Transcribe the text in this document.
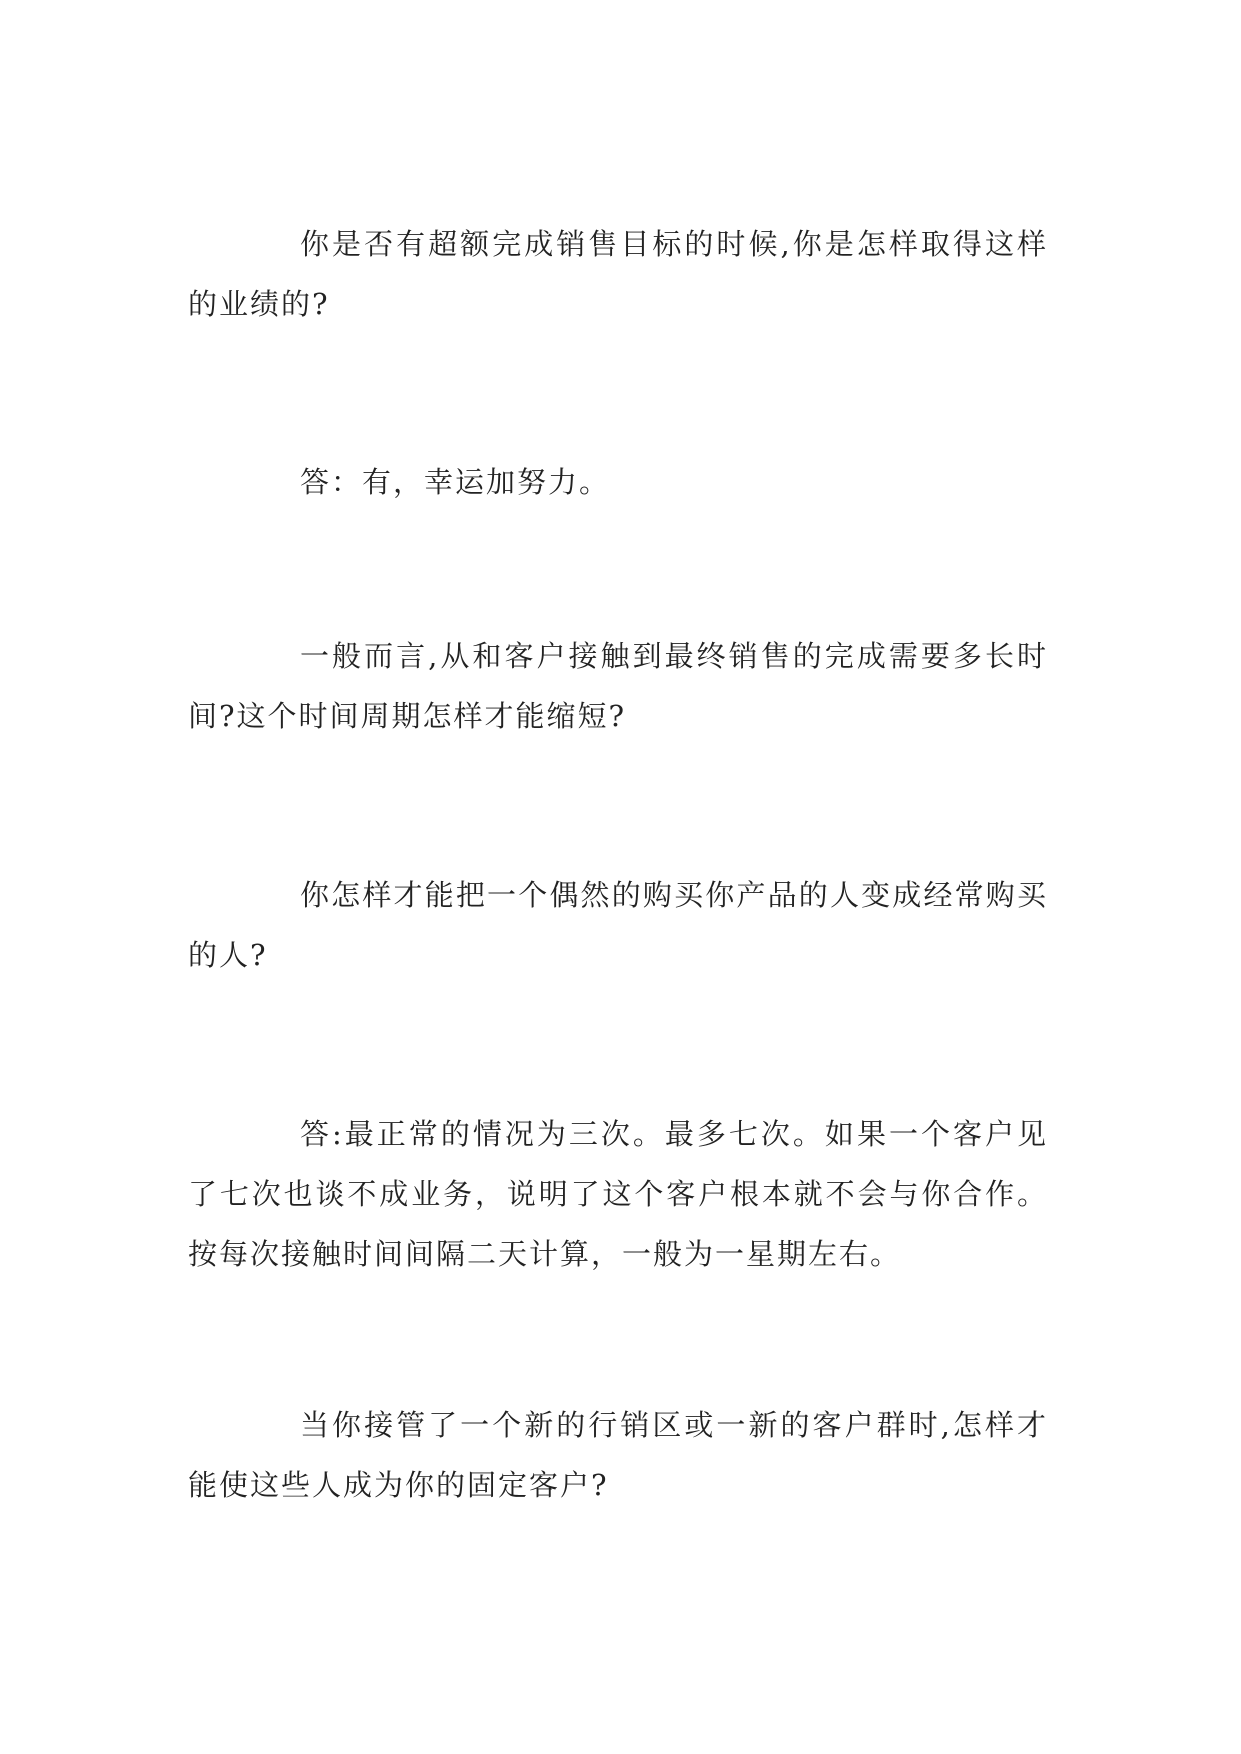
你是否有超额完成销售目标的时候,你是怎样取得这样的业绩的?

答：有，幸运加努力。

一般而言,从和客户接触到最终销售的完成需要多长时间?这个时间周期怎样才能缩短?

你怎样才能把一个偶然的购买你产品的人变成经常购买的人?

答:最正常的情况为三次。最多七次。如果一个客户见了七次也谈不成业务，说明了这个客户根本就不会与你合作。按每次接触时间间隔二天计算，一般为一星期左右。

当你接管了一个新的行销区或一新的客户群时,怎样才能使这些人成为你的固定客户?
